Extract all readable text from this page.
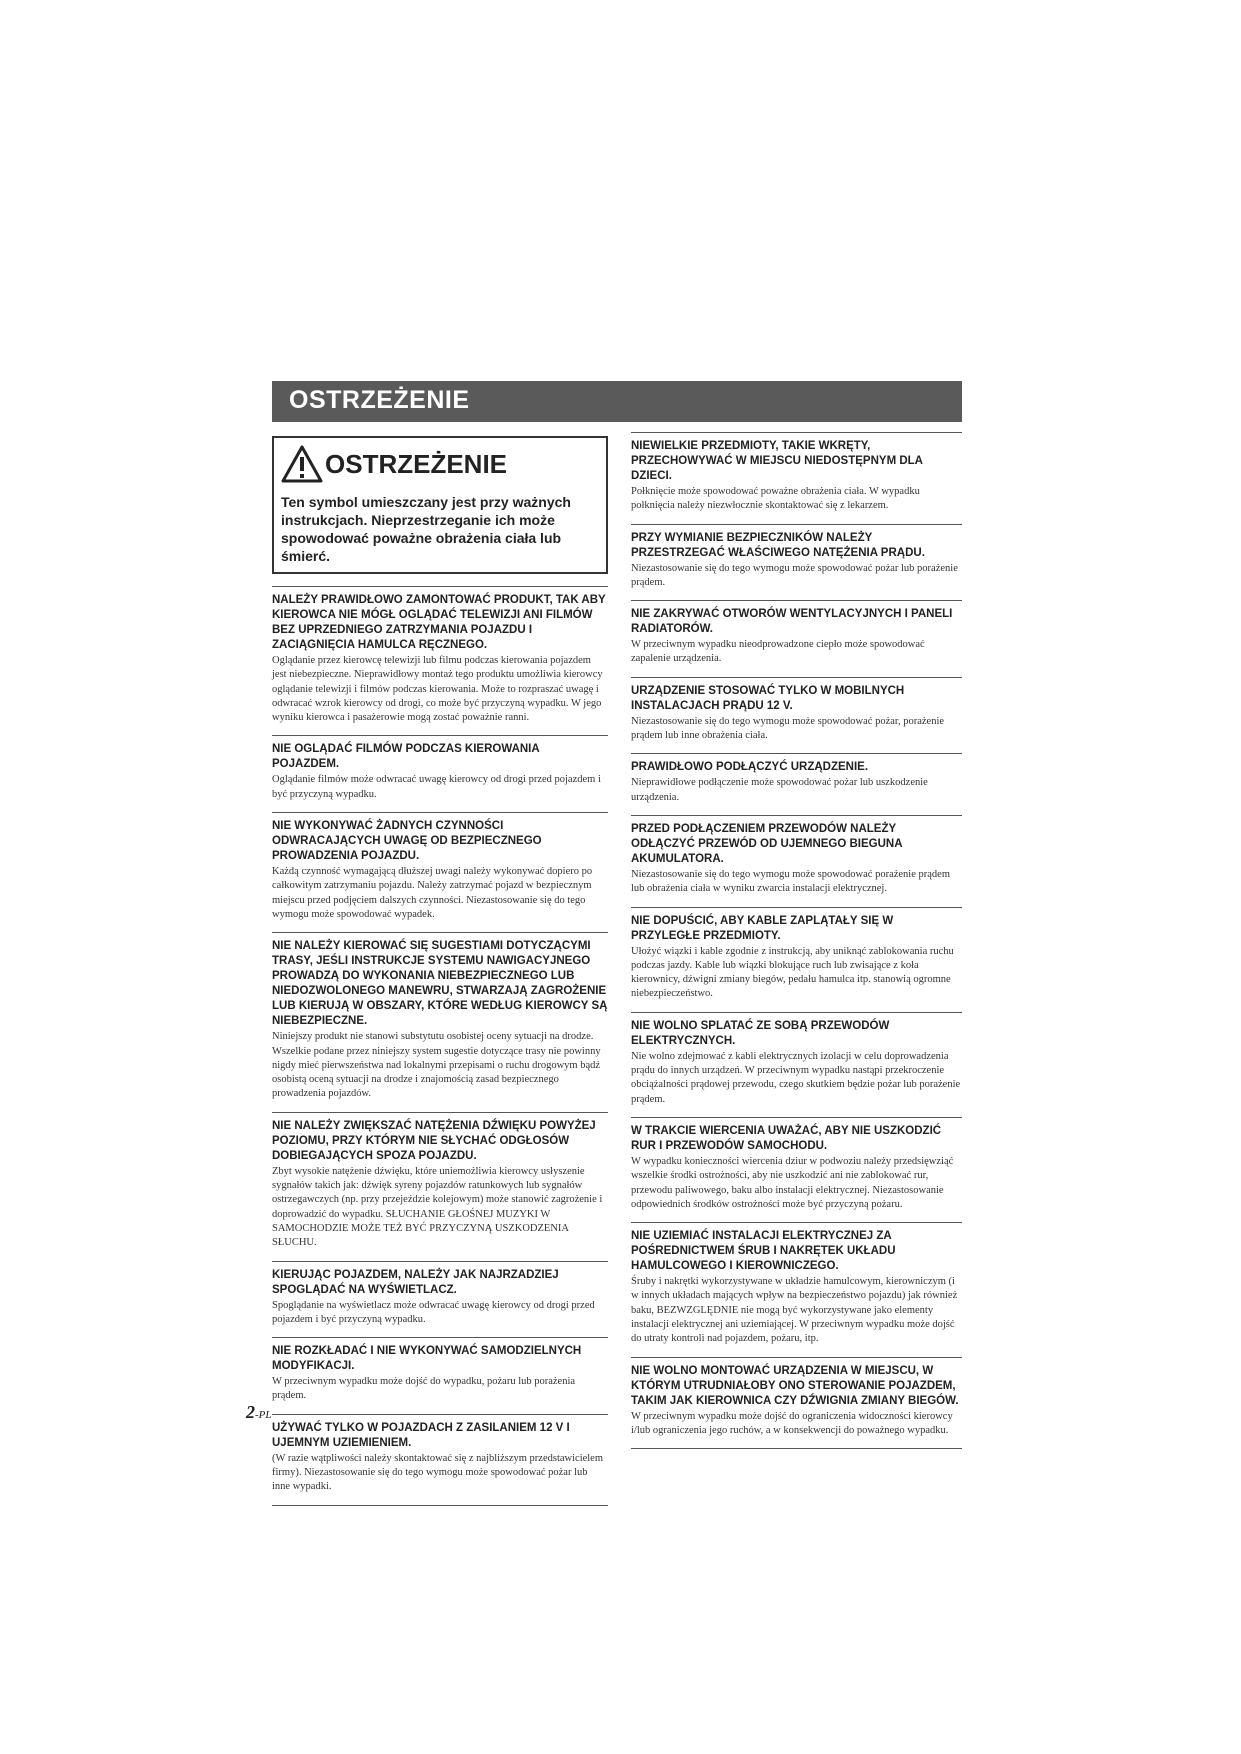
OSTRZEŻENIE
OSTRZEŻENIE
Ten symbol umieszczany jest przy ważnych instrukcjach. Nieprzestrzeganie ich może spowodować poważne obrażenia ciała lub śmierć.
NALEŻY PRAWIDŁOWO ZAMONTOWAĆ PRODUKT, TAK ABY KIEROWCA NIE MÓGŁ OGLĄDAĆ TELEWIZJI ANI FILMÓW BEZ UPRZEDNIEGO ZATRZYMANIA POJAZDU I ZACIĄGNIĘCIA HAMULCA RĘCZNEGO.

Oglądanie przez kierowcę telewizji lub filmu podczas kierowania pojazdem jest niebezpieczne. Nieprawidłowy montaż tego produktu umożliwia kierowcy oglądanie telewizji i filmów podczas kierowania. Może to rozpraszać uwagę i odwracać wzrok kierowcy od drogi, co może być przyczyną wypadku. W jego wyniku kierowca i pasażerowie mogą zostać poważnie ranni.

NIE OGLĄDAĆ FILMÓW PODCZAS KIEROWANIA POJAZDEM.

Oglądanie filmów może odwracać uwagę kierowcy od drogi przed pojazdem i być przyczyną wypadku.

NIE WYKONYWAĆ ŻADNYCH CZYNNOŚCI ODWRACAJĄCYCH UWAGĘ OD BEZPIECZNEGO PROWADZENIA POJAZDU.

Każdą czynność wymagającą dłuższej uwagi należy wykonywać dopiero po całkowitym zatrzymaniu pojazdu. Należy zatrzymać pojazd w bezpiecznym miejscu przed podjęciem dalszych czynności. Niezastosowanie się do tego wymogu może spowodować wypadek.

NIE NALEŻY KIEROWAĆ SIĘ SUGESTIAMI DOTYCZĄCYMI TRASY, JEŚLI INSTRUKCJE SYSTEMU NAWIGACYJNEGO PROWADZĄ DO WYKONANIA NIEBEZPIECZNEGO LUB NIEDOZWOLONEGO MANEWRU, STWARZAJĄ ZAGROŻENIE LUB KIERUJĄ W OBSZARY, KTÓRE WEDŁUG KIEROWCY SĄ NIEBEZPIECZNE.

Niniejszy produkt nie stanowi substytutu osobistej oceny sytuacji na drodze. Wszelkie podane przez niniejszy system sugestie dotyczące trasy nie powinny nigdy mieć pierwszeństwa nad lokalnymi przepisami o ruchu drogowym bądź osobistą oceną sytuacji na drodze i znajomością zasad bezpiecznego prowadzenia pojazdów.

NIE NALEŻY ZWIĘKSZAĆ NATĘŻENIA DŹWIĘKU POWYŻEJ POZIOMU, PRZY KTÓRYM NIE SŁYCHAĆ ODGŁOSÓW DOBIEGAJĄCYCH SPOZA POJAZDU.

Zbyt wysokie natężenie dźwięku, które uniemożliwia kierowcy usłyszenie sygnałów takich jak: dźwięk syreny pojazdów ratunkowych lub sygnałów ostrzegawczych (np. przy przejeździe kolejowym) może stanowić zagrożenie i doprowadzić do wypadku. SŁUCHANIE GŁOŚNEJ MUZYKI W SAMOCHODZIE MOŻE TEŻ BYĆ PRZYCZYNĄ USZKODZENIA SŁUCHU.

KIERUJĄC POJAZDEM, NALEŻY JAK NAJRZADZIEJ SPOGLĄDAĆ NA WYŚWIETLACZ.

Spoglądanie na wyświetlacz może odwracać uwagę kierowcy od drogi przed pojazdem i być przyczyną wypadku.

NIE ROZKŁADAĆ I NIE WYKONYWAĆ SAMODZIELNYCH MODYFIKACJI.

W przeciwnym wypadku może dojść do wypadku, pożaru lub porażenia prądem.

UŻYWAĆ TYLKO W POJAZDACH Z ZASILANIEM 12 V I UJEMNYM UZIEMIENIEM.

(W razie wątpliwości należy skontaktować się z najbliższym przedstawicielem firmy). Niezastosowanie się do tego wymogu może spowodować pożar lub inne wypadki.

NIEWIELKIE PRZEDMIOTY, TAKIE WKRĘTY, PRZECHOWYWAĆ W MIEJSCU NIEDOSTĘPNYM DLA DZIECI.

Połknięcie może spowodować poważne obrażenia ciała. W wypadku połknięcia należy niezwłocznie skontaktować się z lekarzem.

PRZY WYMIANIE BEZPIECZNIKÓW NALEŻY PRZESTRZEGAĆ WŁAŚCIWEGO NATĘŻENIA PRĄDU.

Niezastosowanie się do tego wymogu może spowodować pożar lub porażenie prądem.

NIE ZAKRYWAĆ OTWORÓW WENTYLACYJNYCH I PANELI RADIATORÓW.

W przeciwnym wypadku nieodprowadzone ciepło może spowodować zapalenie urządzenia.

URZĄDZENIE STOSOWAĆ TYLKO W MOBILNYCH INSTALACJACH PRĄDU 12 V.

Niezastosowanie się do tego wymogu może spowodować pożar, porażenie prądem lub inne obrażenia ciała.

PRAWIDŁOWO PODŁĄCZYĆ URZĄDZENIE.

Nieprawidłowe podłączenie może spowodować pożar lub uszkodzenie urządzenia.

PRZED PODŁĄCZENIEM PRZEWODÓW NALEŻY ODŁĄCZYĆ PRZEWÓD OD UJEMNEGO BIEGUNA AKUMULATORA.

Niezastosowanie się do tego wymogu może spowodować porażenie prądem lub obrażenia ciała w wyniku zwarcia instalacji elektrycznej.

NIE DOPUŚCIĆ, ABY KABLE ZAPLĄTAŁY SIĘ W PRZYLEGŁE PRZEDMIOTY.

Ułożyć wiązki i kable zgodnie z instrukcją, aby uniknąć zablokowania ruchu podczas jazdy. Kable lub wiązki blokujące ruch lub zwisające z koła kierownicy, dźwigni zmiany biegów, pedału hamulca itp. stanowią ogromne niebezpieczeństwo.

NIE WOLNO SPLATAĆ ZE SOBĄ PRZEWODÓW ELEKTRYCZNYCH.

Nie wolno zdejmować z kabli elektrycznych izolacji w celu doprowadzenia prądu do innych urządzeń. W przeciwnym wypadku nastąpi przekroczenie obciążalności prądowej przewodu, czego skutkiem będzie pożar lub porażenie prądem.

W TRAKCIE WIERCENIA UWAŻAĆ, ABY NIE USZKODZIĆ RUR I PRZEWODÓW SAMOCHODU.

W wypadku konieczności wiercenia dziur w podwoziu należy przedsięwziąć wszelkie środki ostrożności, aby nie uszkodzić ani nie zablokować rur, przewodu paliwowego, baku albo instalacji elektrycznej. Niezastosowanie odpowiednich środków ostrożności może być przyczyną pożaru.

NIE UZIEMIAĆ INSTALACJI ELEKTRYCZNEJ ZA POŚREDNICTWEM ŚRUB I NAKRĘTEK UKŁADU HAMULCOWEGO I KIEROWNICZEGO.

Śruby i nakrętki wykorzystywane w układzie hamulcowym, kierowniczym (i w innych układach mających wpływ na bezpieczeństwo pojazdu) jak również baku, BEZWZGLĘDNIE nie mogą być wykorzystywane jako elementy instalacji elektrycznej ani uziemiającej. W przeciwnym wypadku może dojść do utraty kontroli nad pojazdem, pożaru, itp.

NIE WOLNO MONTOWAĆ URZĄDZENIA W MIEJSCU, W KTÓRYM UTRUDNIAŁOBY ONO STEROWANIE POJAZDEM, TAKIM JAK KIEROWNICA CZY DŹWIGNIA ZMIANY BIEGÓW.

W przeciwnym wypadku może dojść do ograniczenia widoczności kierowcy i/lub ograniczenia jego ruchów, a w konsekwencji do poważnego wypadku.

2-PL
